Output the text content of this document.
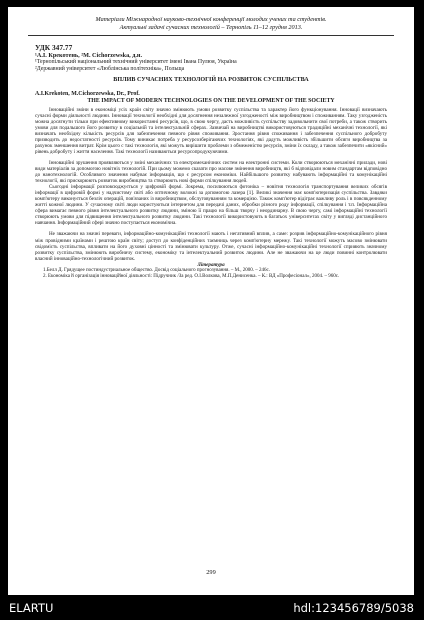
Матеріали Міжнародної науково-технічної конференції молодих учених та студентів.
Актуальні задачі сучасних технологій – Тернопіль 11–12 грудня 2013.

УДК 347.77

¹А.І. Крекотень, ²М. Cichorzewska, д.н.

¹Тернопільський національний технічний університет імені Івана Пулюя, Україна

²Державний університет «Люблінська політехніка», Польща

ВПЛИВ СУЧАСНИХ ТЕХНОЛОГІЙ НА РОЗВИТОК СУСПІЛЬСТВА

A.I.Krekoten, M.Cichorzewska, Dr., Prof.

THE IMPACT OF MODERN TECHNOLOGIES ON THE DEVELOPMENT OF THE SOCIETY

Інноваційні зміни в економіці усіх країн світу значно змінюють умови розвитку суспільства та характер його функціонування. Інновації визначають сучасні форми діяльності людини. Інновації технології необхідні для досягнення незалежної узгодженості між виробництвом і споживанням. Таку узгодженість можна досягнути тільки при ефективному використанні ресурсів, що, в свою чергу, дасть можливість суспільству задовольнити свої потреби, а також створить умови для подальшого його розвитку в соціальній та інтелектуальній сферах. Зазвичай на виробництві використовуються традиційні механічні технології, які визначать необхідну кількість ресурсів для забезпечення певного рівня споживання. Зростання рівня споживання і забезпечення суспільного добробуту призводить до недостатності ресурсів. Тому виникає потреба у ресурсозберігаючих технологіях, які дадуть можливість збільшити обсяги виробництва за рахунок зменшення витрат. Крім цього с такі технологія, які можуть вирішити проблеми з обмеженістю ресурсів, зміни їх складу, а також забезпечити «якісний» рівень добробуту і життя населення. Такі технології називаються ресурсопродукуючими.

Інноваційні зрушення проявляються у зміні механічних та електромеханічних систем на електронні системи. Коли створюються механічні прилади, нові види матеріалів за допомогою новітніх технологій. При цьому можемо сказати про масове змінення виробництв, які б відповідали новим стандартам відповідно до нанотехнологій. Особливого значення набуває інформація, що є ресурсом економіки. Найбільшого розвитку набувають інформаційні та комунікаційні технології, які прискорюють розвиток виробництва та створюють нові форми спілкування людей.

Сьогодні інформації розповсюджується у цифровій формі. Зокрема, посилюються фотоніка – новітня технологія транспортування великих обсягів інформації в цифровій формі у надчистому світі або оптичному волокні за допомогою лазера [1]. Великі значення має комп'ютеризація суспільства. Завдяки комп'ютеру виконується безліч операцій, пов'язаних із виробництвом, обслуговуванням та комерцією. Також комп'ютер відіграє важливу роль і в повсякденному житті кожної людини. У сучасному світі люди користуються інтернетом для передачі даних, обробки різного роду інформації, спілкування і т.п. Інформаційна сфера вимагає певного рівня інтелектуального розвитку людини, зміною її працю на більш творчу і неординарну. В свою чергу, самі інформаційні технології створюють умови для підвищення інтелектуального розвитку людини. Такі технології використовують в багатьох університетах світу у вигляді дистанційного навчання. Інформаційний сфері значно поступається економічна.

Не зважаючи на значні переваги, інформаційно-комунікаційні технології мають і негативний вплив, а саме: розрив інформаційно-комунікаційного рівня між провідними країнами і рештою країн світу; доступ до конфіденційних таємниць через комп'ютерну мережу. Такі технології можуть масово змінювати свідомість суспільства, впливати на його духовні цінності та змінювати культуру. Отже, сучасні інформаційно-комунікаційні технології сприяють значному розвитку суспільства, змінюють виробничу систему, економіку та інтелектуальний розвиток людини. Але не зважаючи на це люди повинні контролювати власний інноваційно-технологічний розвиток.

Література

1.Белл Д. Грядущее постиндустриальное общество. Досвід соціального прогнозування. – М., 2000. – 246с.

2. Економіка й організація інноваційної діяльності: Підручник /За ред. О.І.Волкова, М.П.Денисенка. – К.: ВД «Професіонал», 2004. – 960с.

299
ELARTU	hdl:123456789/5038
